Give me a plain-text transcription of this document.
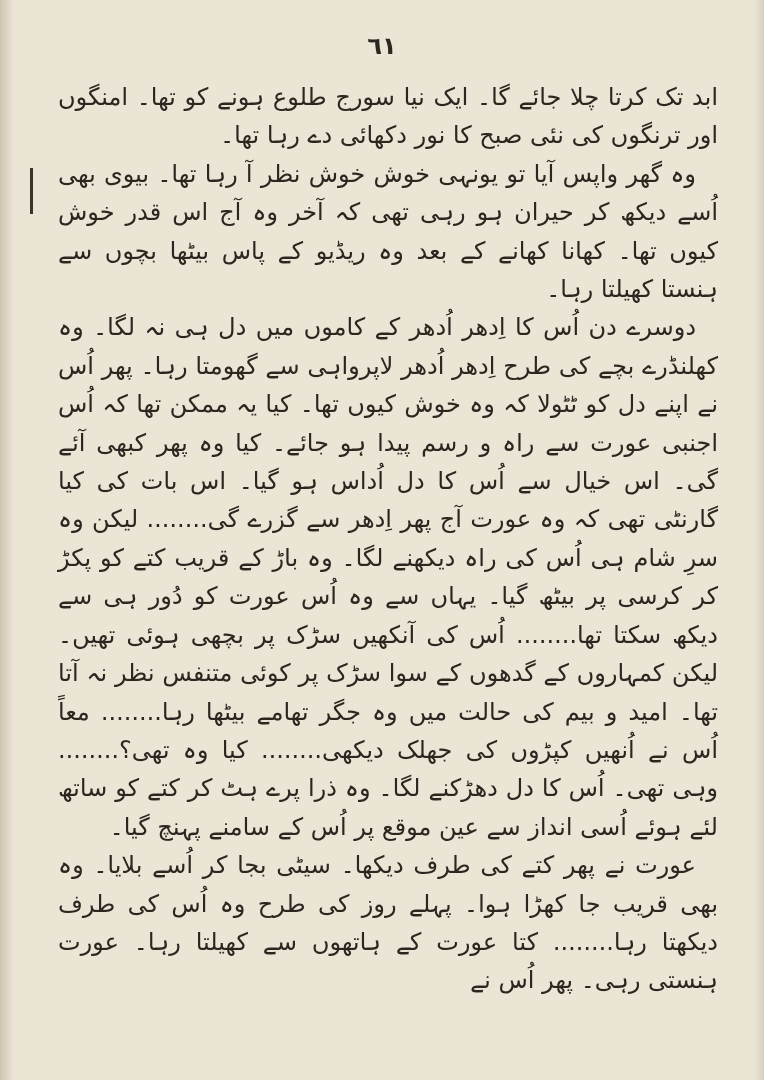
٦١

ابد تک کرتا چلا جائے گا۔ ایک نیا سورج طلوع ہونے کو تھا۔ امنگوں اور ترنگوں کی نئی صبح کا نور دکھائی دے رہا تھا۔

وہ گھر واپس آیا تو یونہی خوش خوش نظر آ رہا تھا۔ بیوی بھی اُسے دیکھ کر حیران ہو رہی تھی کہ آخر وہ آج اس قدر خوش کیوں تھا۔ کھانا کھانے کے بعد وہ ریڈیو کے پاس بیٹھا بچوں سے ہنستا کھیلتا رہا۔

دوسرے دن اُس کا اِدھر اُدھر کے کاموں میں دل ہی نہ لگا۔ وہ کھلنڈرے بچے کی طرح اِدھر اُدھر لاپرواہی سے گھومتا رہا۔ پھر اُس نے اپنے دل کو ٹٹولا کہ وہ خوش کیوں تھا۔ کیا یہ ممکن تھا کہ اُس اجنبی عورت سے راہ و رسم پیدا ہو جائے۔ کیا وہ پھر کبھی آئے گی۔ اس خیال سے اُس کا دل اُداس ہو گیا۔ اس بات کی کیا گارنٹی تھی کہ وہ عورت آج پھر اِدھر سے گزرے گی........ لیکن وہ سرِ شام ہی اُس کی راہ دیکھنے لگا۔ وہ باڑ کے قریب کتے کو پکڑ کر کرسی پر بیٹھ گیا۔ یہاں سے وہ اُس عورت کو دُور ہی سے دیکھ سکتا تھا........ اُس کی آنکھیں سڑک پر بچھی ہوئی تھیں۔ لیکن کمہاروں کے گدھوں کے سوا سڑک پر کوئی متنفس نظر نہ آتا تھا۔ امید و بیم کی حالت میں وہ جگر تھامے بیٹھا رہا........ معاً اُس نے اُنھیں کپڑوں کی جھلک دیکھی........ کیا وہ تھی؟........ وہی تھی۔ اُس کا دل دھڑکنے لگا۔ وہ ذرا پرے ہٹ کر کتے کو ساتھ لئے ہوئے اُسی انداز سے عین موقع پر اُس کے سامنے پہنچ گیا۔

عورت نے پھر کتے کی طرف دیکھا۔ سیٹی بجا کر اُسے بلایا۔ وہ بھی قریب جا کھڑا ہوا۔ پہلے روز کی طرح وہ اُس کی طرف دیکھتا رہا........ کتا عورت کے ہاتھوں سے کھیلتا رہا۔ عورت ہنستی رہی۔ پھر اُس نے
